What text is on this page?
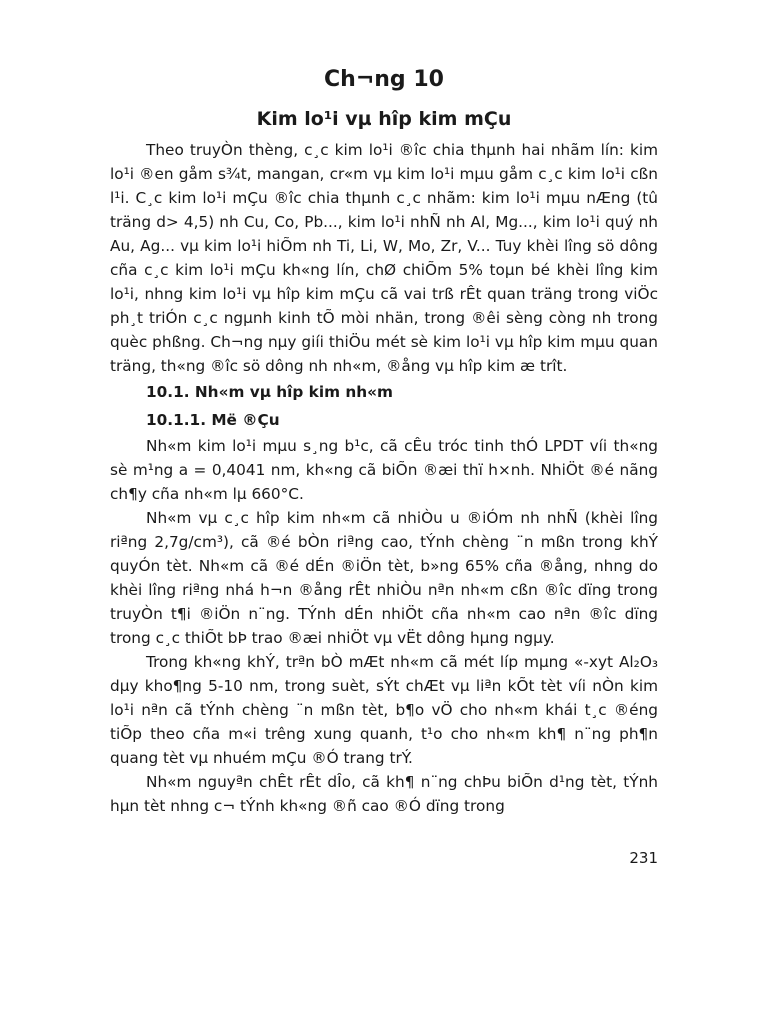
Ch¬ng 10
Kim lo¹i vµ hîp kim mÇu

Theo truyÒn thèng, c¸c kim lo¹i ®îc chia thµnh hai nhãm lín: kim lo¹i ®en gåm s¾t, mangan, cr«m vµ kim lo¹i mµu gåm c¸c kim lo¹i cßn l¹i. C¸c kim lo¹i mÇu ®îc chia thµnh c¸c nhãm: kim lo¹i mµu nÆng (tû träng d> 4,5) nh Cu, Co, Pb..., kim lo¹i nhÑ nh Al, Mg..., kim lo¹i quý nh Au, Ag... vµ kim lo¹i hiÕm nh Ti, Li, W, Mo, Zr, V... Tuy khèi lîng sö dông cña c¸c kim lo¹i mÇu kh«ng lín, chØ chiÕm 5% toµn bé khèi lîng kim lo¹i, nhng kim lo¹i vµ hîp kim mÇu cã vai trß rÊt quan träng trong viÖc ph¸t triÓn c¸c ngµnh kinh tÕ mòi nhän, trong ®êi sèng còng nh trong quèc phßng. Ch¬ng nµy giíi thiÖu mét sè kim lo¹i vµ hîp kim mµu quan träng, th«ng ®îc sö dông nh nh«m, ®ång vµ hîp kim æ trît.

10.1. Nh«m vµ hîp kim nh«m
10.1.1. Më ®Çu

Nh«m kim lo¹i mµu s¸ng b¹c, cã cÊu tróc tinh thÓ LPDT víi th«ng sè m¹ng a = 0,4041 nm, kh«ng cã biÕn ®æi thï h×nh. NhiÖt ®é nãng ch¶y cña nh«m lµ 660°C.

Nh«m vµ c¸c hîp kim nh«m cã nhiÒu u ®iÓm nh nhÑ (khèi lîng riªng 2,7g/cm³), cã ®é bÒn riªng cao, tÝnh chèng ¨n mßn trong khÝ quyÓn tèt. Nh«m cã ®é dÉn ®iÖn tèt, b»ng 65% cña ®ång, nhng do khèi lîng riªng nhá h¬n ®ång rÊt nhiÒu nªn nh«m cßn ®îc dïng trong truyÒn t¶i ®iÖn n¨ng. TÝnh dÉn nhiÖt cña nh«m cao nªn ®îc dïng trong c¸c thiÕt bÞ trao ®æi nhiÖt vµ vËt dông hµng ngµy.

Trong kh«ng khÝ, trªn bÒ mÆt nh«m cã mét líp mµng «-xyt Al₂O₃ dµy kho¶ng 5-10 nm, trong suèt, sÝt chÆt vµ liªn kÕt tèt víi nÒn kim lo¹i nªn cã tÝnh chèng ¨n mßn tèt, b¶o vÖ cho nh«m khái t¸c ®éng tiÕp theo cña m«i trêng xung quanh, t¹o cho nh«m kh¶ n¨ng ph¶n quang tèt vµ nhuém mÇu ®Ó trang trÝ.

Nh«m nguyªn chÊt rÊt dÎo, cã kh¶ n¨ng chÞu biÕn d¹ng tèt, tÝnh hµn tèt nhng c¬ tÝnh kh«ng ®ñ cao ®Ó dïng trong

231
